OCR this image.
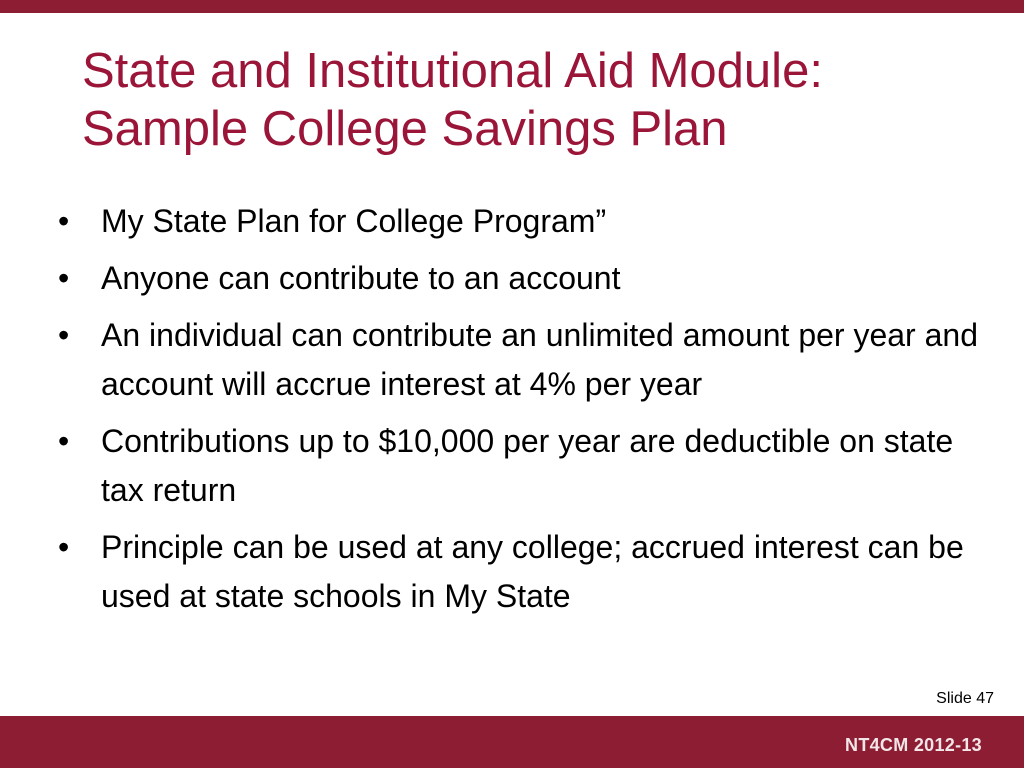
State and Institutional Aid Module:
Sample College Savings Plan
• My State Plan for College Program”
• Anyone can contribute to an account
• An individual can contribute an unlimited amount per year and account will accrue interest at 4% per year
• Contributions up to $10,000 per year are deductible on state tax return
• Principle can be used at any college; accrued interest can be used at state schools in My State
Slide 47
NT4CM 2012-13
